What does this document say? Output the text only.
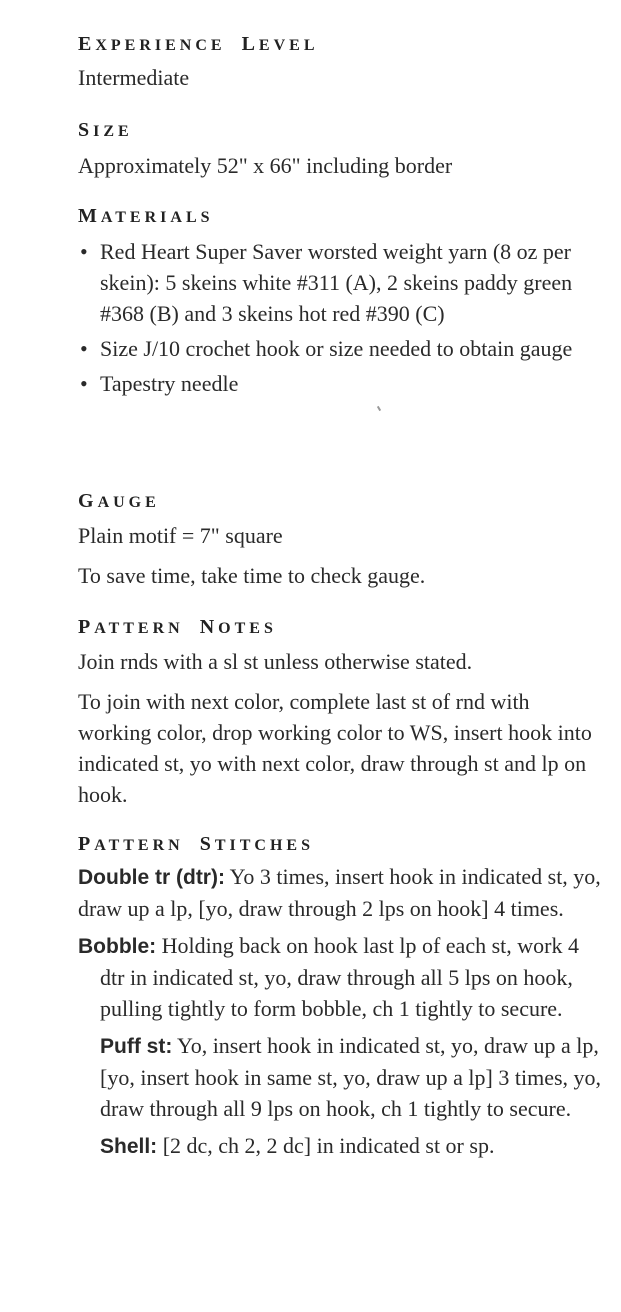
EXPERIENCE LEVEL

Intermediate

SIZE

Approximately 52" x 66" including border

MATERIALS
• Red Heart Super Saver worsted weight yarn (8 oz per skein): 5 skeins white #311 (A), 2 skeins paddy green #368 (B) and 3 skeins hot red #390 (C)
• Size J/10 crochet hook or size needed to obtain gauge
• Tapestry needle
GAUGE

Plain motif = 7" square

To save time, take time to check gauge.

PATTERN NOTES

Join rnds with a sl st unless otherwise stated.

To join with next color, complete last st of rnd with working color, drop working color to WS, insert hook into indicated st, yo with next color, draw through st and lp on hook.

PATTERN STITCHES
Double tr (dtr): Yo 3 times, insert hook in indicated st, yo, draw up a lp, [yo, draw through 2 lps on hook] 4 times.
Bobble: Holding back on hook last lp of each st, work 4 dtr in indicated st, yo, draw through all 5 lps on hook, pulling tightly to form bobble, ch 1 tightly to secure.
Puff st: Yo, insert hook in indicated st, yo, draw up a lp, [yo, insert hook in same st, yo, draw up a lp] 3 times, yo, draw through all 9 lps on hook, ch 1 tightly to secure.
Shell: [2 dc, ch 2, 2 dc] in indicated st or sp.
